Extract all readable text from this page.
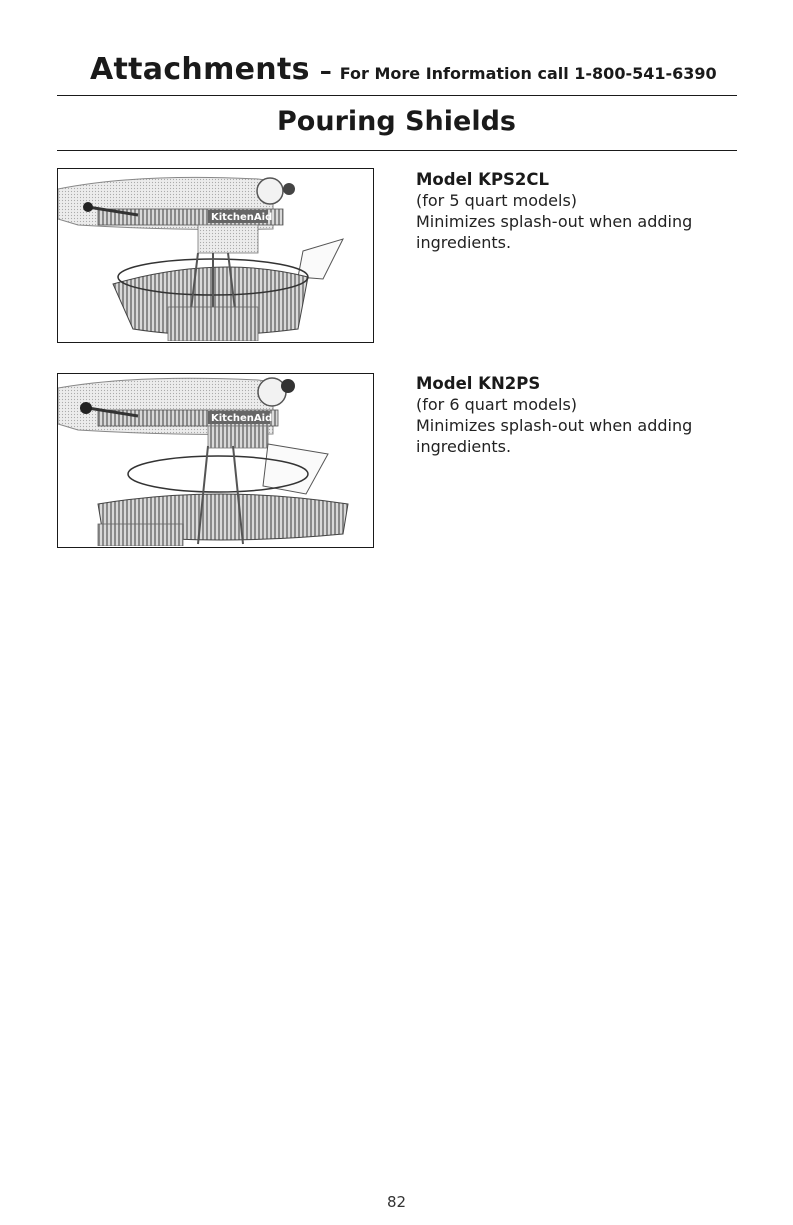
Attachments – For More Information call 1-800-541-6390
Pouring Shields
KitchenAid
Model KPS2CL
(for 5 quart models)
Minimizes splash-out when adding
ingredients.
KitchenAid
Model KN2PS
(for 6 quart models)
Minimizes splash-out when adding
ingredients.
82
